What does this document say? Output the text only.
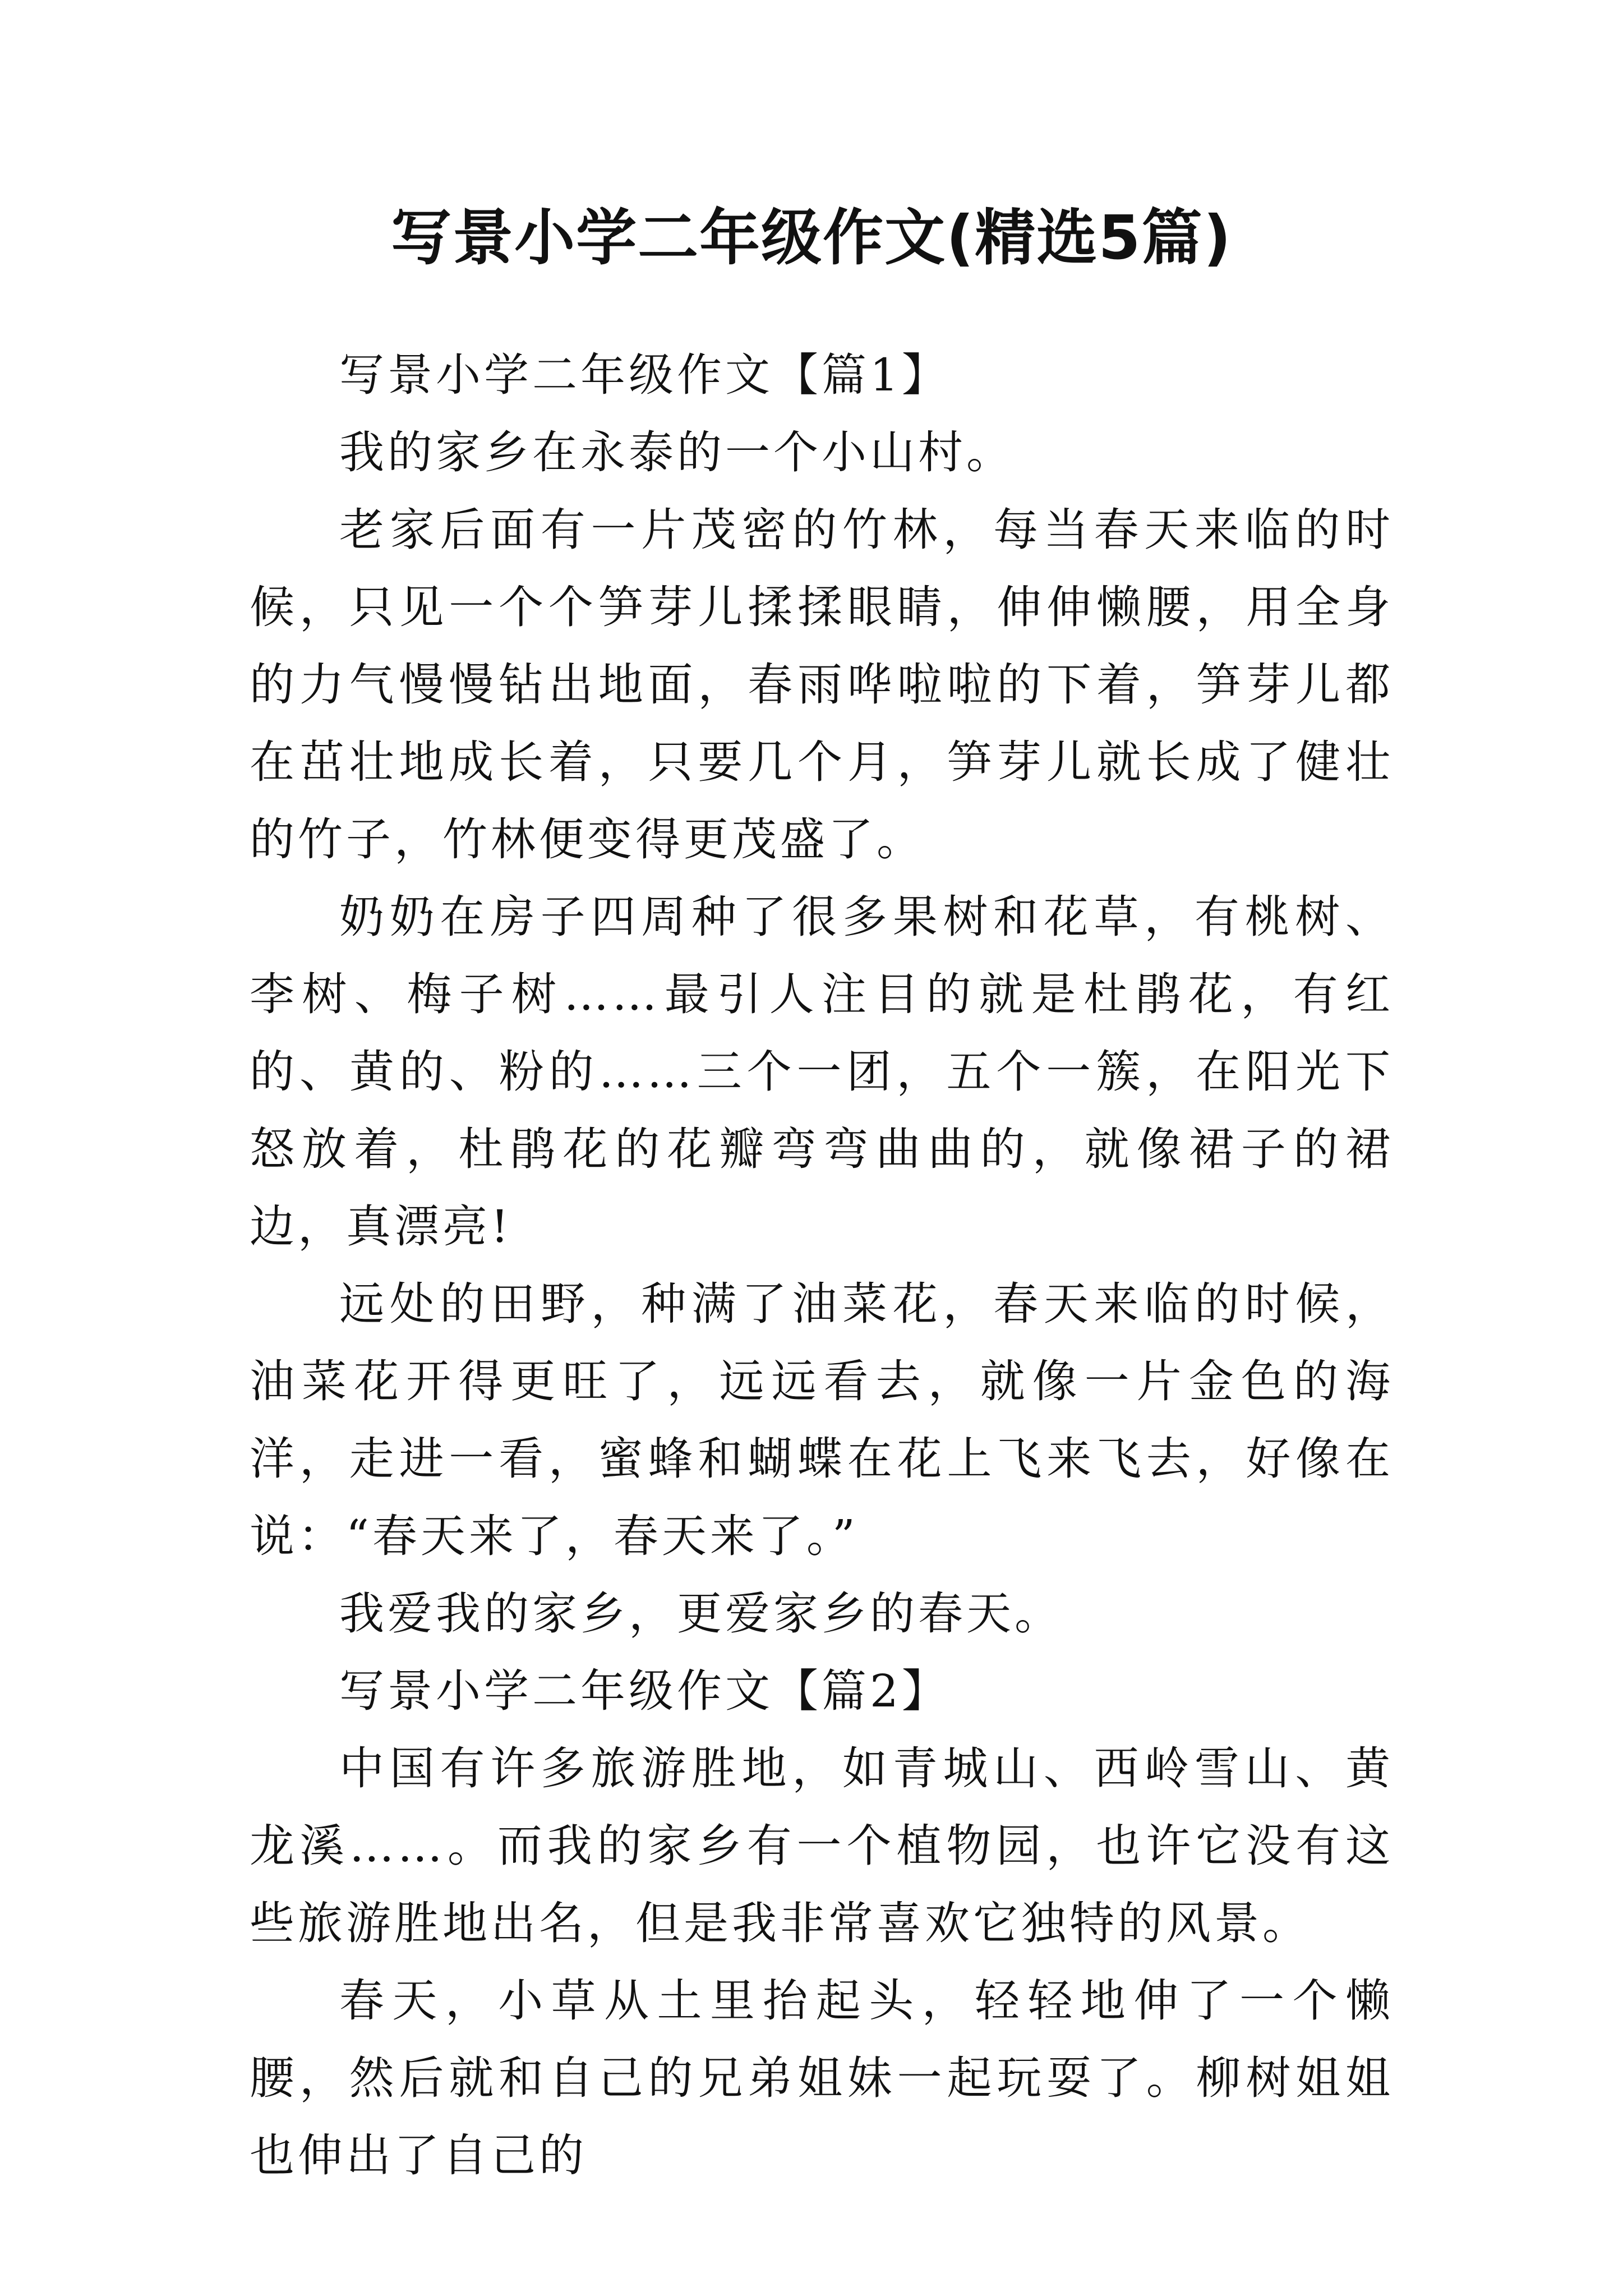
写景小学二年级作文(精选5篇)

写景小学二年级作文【篇1】

我的家乡在永泰的一个小山村。

老家后面有一片茂密的竹林，每当春天来临的时候，只见一个个笋芽儿揉揉眼睛，伸伸懒腰，用全身的力气慢慢钻出地面，春雨哗啦啦的下着，笋芽儿都在茁壮地成长着，只要几个月，笋芽儿就长成了健壮的竹子，竹林便变得更茂盛了。

奶奶在房子四周种了很多果树和花草，有桃树、李树、梅子树……最引人注目的就是杜鹃花，有红的、黄的、粉的……三个一团，五个一簇，在阳光下怒放着，杜鹃花的花瓣弯弯曲曲的，就像裙子的裙边，真漂亮!

远处的田野，种满了油菜花，春天来临的时候，油菜花开得更旺了，远远看去，就像一片金色的海洋，走进一看，蜜蜂和蝴蝶在花上飞来飞去，好像在说：“春天来了，春天来了。”

我爱我的家乡，更爱家乡的春天。

写景小学二年级作文【篇2】

中国有许多旅游胜地，如青城山、西岭雪山、黄龙溪……。而我的家乡有一个植物园，也许它没有这些旅游胜地出名，但是我非常喜欢它独特的风景。

春天，小草从土里抬起头，轻轻地伸了一个懒腰，然后就和自己的兄弟姐妹一起玩耍了。柳树姐姐也伸出了自己的
